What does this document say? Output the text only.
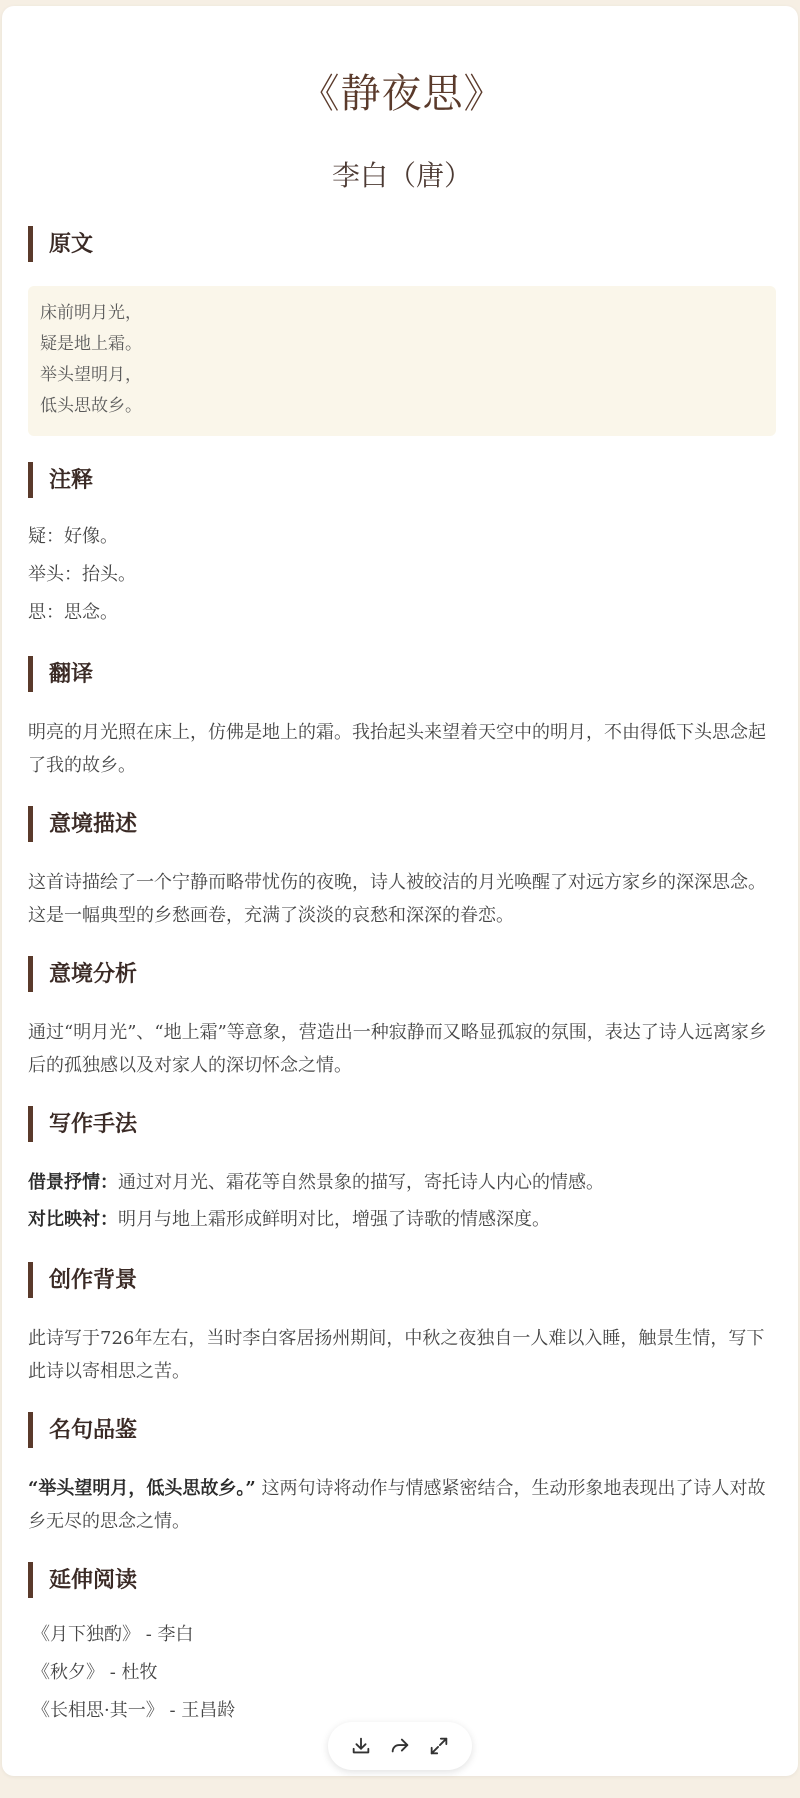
《静夜思》
李白（唐）
原文
床前明月光，
疑是地上霜。
举头望明月，
低头思故乡。
注释
疑：好像。
举头：抬头。
思：思念。
翻译
明亮的月光照在床上，仿佛是地上的霜。我抬起头来望着天空中的明月，不由得低下头思念起了我的故乡。
意境描述
这首诗描绘了一个宁静而略带忧伤的夜晚，诗人被皎洁的月光唤醒了对远方家乡的深深思念。这是一幅典型的乡愁画卷，充满了淡淡的哀愁和深深的眷恋。
意境分析
通过“明月光”、“地上霜”等意象，营造出一种寂静而又略显孤寂的氛围，表达了诗人远离家乡后的孤独感以及对家人的深切怀念之情。
写作手法
借景抒情：通过对月光、霜花等自然景象的描写，寄托诗人内心的情感。
对比映衬：明月与地上霜形成鲜明对比，增强了诗歌的情感深度。
创作背景
此诗写于726年左右，当时李白客居扬州期间，中秋之夜独自一人难以入睡，触景生情，写下此诗以寄相思之苦。
名句品鉴
“举头望明月，低头思故乡。” 这两句诗将动作与情感紧密结合，生动形象地表现出了诗人对故乡无尽的思念之情。
延伸阅读
《月下独酌》 - 李白
《秋夕》 - 杜牧
《长相思·其一》 - 王昌龄
